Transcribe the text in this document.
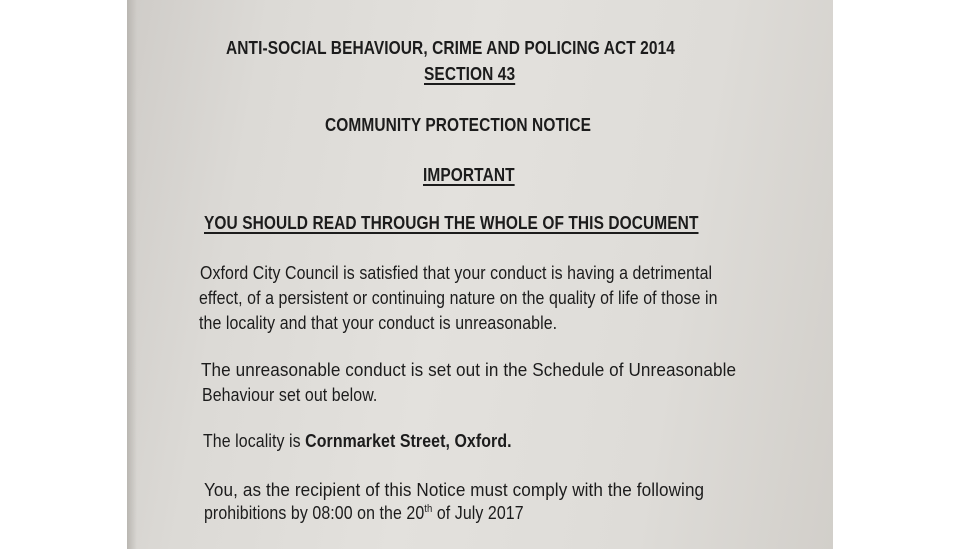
ANTI-SOCIAL BEHAVIOUR, CRIME AND POLICING ACT 2014
SECTION 43
COMMUNITY PROTECTION NOTICE
IMPORTANT
YOU SHOULD READ THROUGH THE WHOLE OF THIS DOCUMENT
Oxford City Council is satisfied that your conduct is having a detrimental
effect, of a persistent or continuing nature on the quality of life of those in
the locality and that your conduct is unreasonable.
The unreasonable conduct is set out in the Schedule of Unreasonable
Behaviour set out below.
The locality is Cornmarket Street, Oxford.
You, as the recipient of this Notice must comply with the following
prohibitions by 08:00 on the 20th of July 2017
